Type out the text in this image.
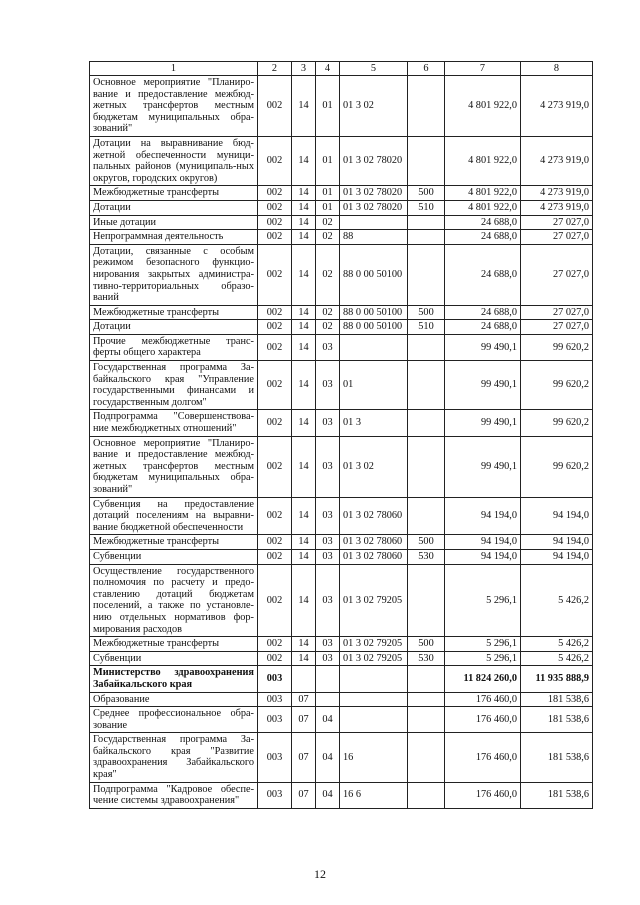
1	2	3	4	5	6	7	8
Основное мероприятие "Планиро-вание и предоставление межбюд-жетных трансфертов местным бюджетам муниципальных обра-зований"	002	14	01	01 3 02		4 801 922,0	4 273 919,0
Дотации на выравнивание бюд-жетной обеспеченности муници-пальных районов (муниципаль-ных округов, городских округов)	002	14	01	01 3 02 78020		4 801 922,0	4 273 919,0
Межбюджетные трансферты	002	14	01	01 3 02 78020	500	4 801 922,0	4 273 919,0
Дотации	002	14	01	01 3 02 78020	510	4 801 922,0	4 273 919,0
Иные дотации	002	14	02			24 688,0	27 027,0
Непрограммная деятельность	002	14	02	88		24 688,0	27 027,0
Дотации, связанные с особым режимом безопасного функцио-нирования закрытых администра-тивно-территориальных образо-ваний	002	14	02	88 0 00 50100		24 688,0	27 027,0
Межбюджетные трансферты	002	14	02	88 0 00 50100	500	24 688,0	27 027,0
Дотации	002	14	02	88 0 00 50100	510	24 688,0	27 027,0
Прочие межбюджетные транс-ферты общего характера	002	14	03			99 490,1	99 620,2
Государственная программа За-байкальского края "Управление государственными финансами и государственным долгом"	002	14	03	01		99 490,1	99 620,2
Подпрограмма "Совершенствова-ние межбюджетных отношений"	002	14	03	01 3		99 490,1	99 620,2
Основное мероприятие "Планиро-вание и предоставление межбюд-жетных трансфертов местным бюджетам муниципальных обра-зований"	002	14	03	01 3 02		99 490,1	99 620,2
Субвенция на предоставление дотаций поселениям на выравни-вание бюджетной обеспеченности	002	14	03	01 3 02 78060		94 194,0	94 194,0
Межбюджетные трансферты	002	14	03	01 3 02 78060	500	94 194,0	94 194,0
Субвенции	002	14	03	01 3 02 78060	530	94 194,0	94 194,0
Осуществление государственного полномочия по расчету и предо-ставлению дотаций бюджетам поселений, а также по установле-нию отдельных нормативов фор-мирования расходов	002	14	03	01 3 02 79205		5 296,1	5 426,2
Межбюджетные трансферты	002	14	03	01 3 02 79205	500	5 296,1	5 426,2
Субвенции	002	14	03	01 3 02 79205	530	5 296,1	5 426,2
Министерство здравоохранения Забайкальского края	003					11 824 260,0	11 935 888,9
Образование	003	07				176 460,0	181 538,6
Среднее профессиональное обра-зование	003	07	04			176 460,0	181 538,6
Государственная программа За-байкальского края "Развитие здравоохранения Забайкальского края"	003	07	04	16		176 460,0	181 538,6
Подпрограмма "Кадровое обеспе-чение системы здравоохранения"	003	07	04	16 6		176 460,0	181 538,6
12
